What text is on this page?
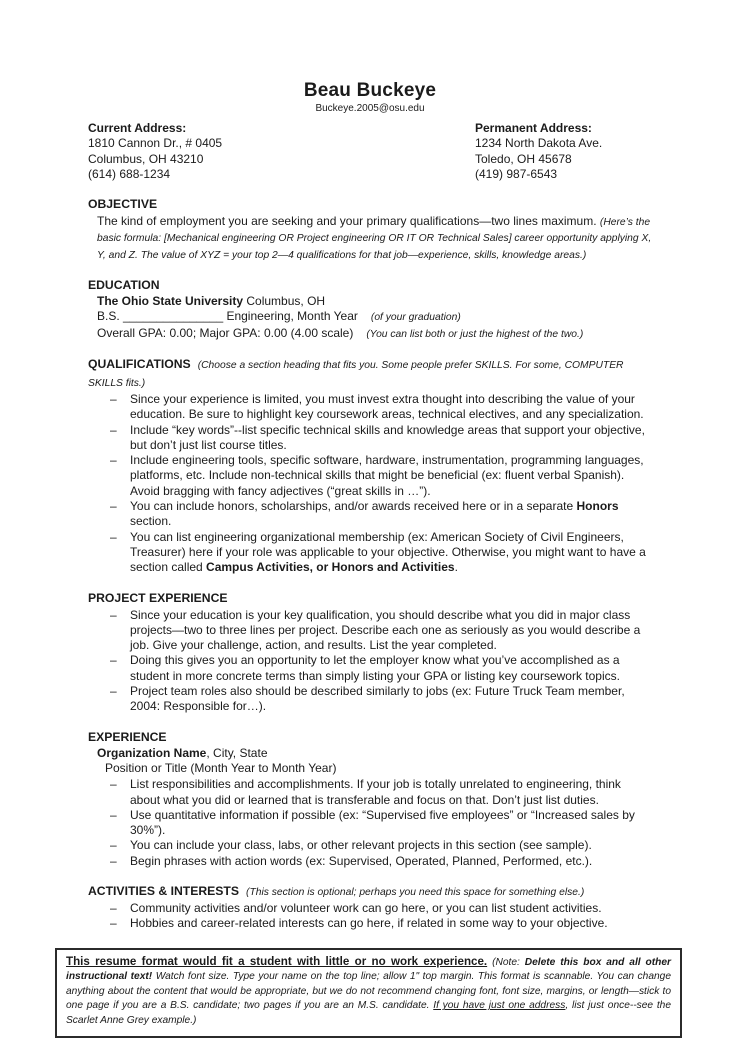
Beau Buckeye
Buckeye.2005@osu.edu
Current Address:
1810 Cannon Dr., # 0405
Columbus, OH 43210
(614) 688-1234
Permanent Address:
1234 North Dakota Ave.
Toledo, OH 45678
(419) 987-6543
OBJECTIVE

The kind of employment you are seeking and your primary qualifications—two lines maximum. (Here’s the basic formula: [Mechanical engineering OR Project engineering OR IT OR Technical Sales] career opportunity applying X, Y, and Z. The value of XYZ = your top 2—4 qualifications for that job—experience, skills, knowledge areas.)

EDUCATION
The Ohio State University Columbus, OH
B.S. _______________ Engineering, Month Year (of your graduation)
Overall GPA: 0.00; Major GPA: 0.00 (4.00 scale) (You can list both or just the highest of the two.)
QUALIFICATIONS (Choose a section heading that fits you. Some people prefer SKILLS. For some, COMPUTER SKILLS fits.)
–	Since your experience is limited, you must invest extra thought into describing the value of your education. Be sure to highlight key coursework areas, technical electives, and any specialization.
–	Include “key words”--list specific technical skills and knowledge areas that support your objective, but don’t just list course titles.
–	Include engineering tools, specific software, hardware, instrumentation, programming languages, platforms, etc. Include non-technical skills that might be beneficial (ex: fluent verbal Spanish). Avoid bragging with fancy adjectives (“great skills in …”).
–	You can include honors, scholarships, and/or awards received here or in a separate Honors section.
–	You can list engineering organizational membership (ex: American Society of Civil Engineers, Treasurer) here if your role was applicable to your objective. Otherwise, you might want to have a section called Campus Activities, or Honors and Activities.
PROJECT EXPERIENCE
–	Since your education is your key qualification, you should describe what you did in major class projects—two to three lines per project. Describe each one as seriously as you would describe a job. Give your challenge, action, and results. List the year completed.
–	Doing this gives you an opportunity to let the employer know what you’ve accomplished as a student in more concrete terms than simply listing your GPA or listing key coursework topics.
–	Project team roles also should be described similarly to jobs (ex: Future Truck Team member, 2004: Responsible for…).
EXPERIENCE
Organization Name, City, State
Position or Title (Month Year to Month Year)
–	List responsibilities and accomplishments. If your job is totally unrelated to engineering, think about what you did or learned that is transferable and focus on that. Don’t just list duties.
–	Use quantitative information if possible (ex: “Supervised five employees” or “Increased sales by 30%”).
–	You can include your class, labs, or other relevant projects in this section (see sample).
–	Begin phrases with action words (ex: Supervised, Operated, Planned, Performed, etc.).
ACTIVITIES & INTERESTS (This section is optional; perhaps you need this space for something else.)
–	Community activities and/or volunteer work can go here, or you can list student activities.
–	Hobbies and career-related interests can go here, if related in some way to your objective.

This resume format would fit a student with little or no work experience. (Note: Delete this box and all other instructional text! Watch font size. Type your name on the top line; allow 1" top margin. This format is scannable. You can change anything about the content that would be appropriate, but we do not recommend changing font, font size, margins, or length—stick to one page if you are a B.S. candidate; two pages if you are an M.S. candidate. If you have just one address, list just once--see the Scarlet Anne Grey example.)
